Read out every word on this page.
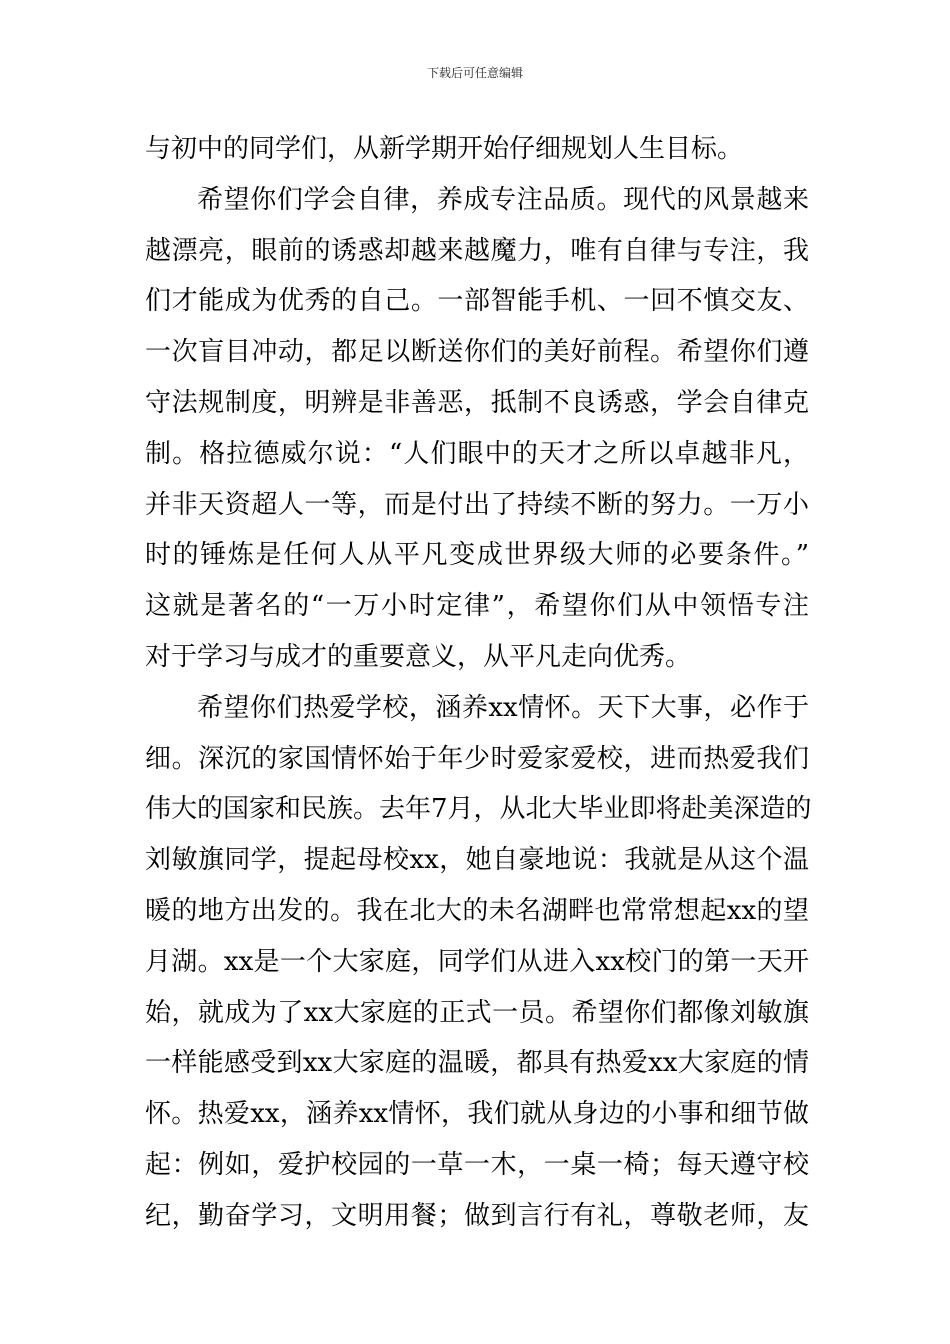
下载后可任意编辑
与初中的同学们，从新学期开始仔细规划人生目标。
希望你们学会自律，养成专注品质。现代的风景越来
越漂亮，眼前的诱惑却越来越魔力，唯有自律与专注，我
们才能成为优秀的自己。一部智能手机、一回不慎交友、
一次盲目冲动，都足以断送你们的美好前程。希望你们遵
守法规制度，明辨是非善恶，抵制不良诱惑，学会自律克
制。格拉德威尔说：“人们眼中的天才之所以卓越非凡，
并非天资超人一等，而是付出了持续不断的努力。一万小
时的锤炼是任何人从平凡变成世界级大师的必要条件。”
这就是著名的“一万小时定律”，希望你们从中领悟专注
对于学习与成才的重要意义，从平凡走向优秀。
希望你们热爱学校，涵养xx情怀。天下大事，必作于
细。深沉的家国情怀始于年少时爱家爱校，进而热爱我们
伟大的国家和民族。去年7月，从北大毕业即将赴美深造的
刘敏旗同学，提起母校xx，她自豪地说：我就是从这个温
暖的地方出发的。我在北大的未名湖畔也常常想起xx的望
月湖。xx是一个大家庭，同学们从进入xx校门的第一天开
始，就成为了xx大家庭的正式一员。希望你们都像刘敏旗
一样能感受到xx大家庭的温暖，都具有热爱xx大家庭的情
怀。热爱xx，涵养xx情怀，我们就从身边的小事和细节做
起：例如，爱护校园的一草一木，一桌一椅；每天遵守校
纪，勤奋学习，文明用餐；做到言行有礼，尊敬老师，友
